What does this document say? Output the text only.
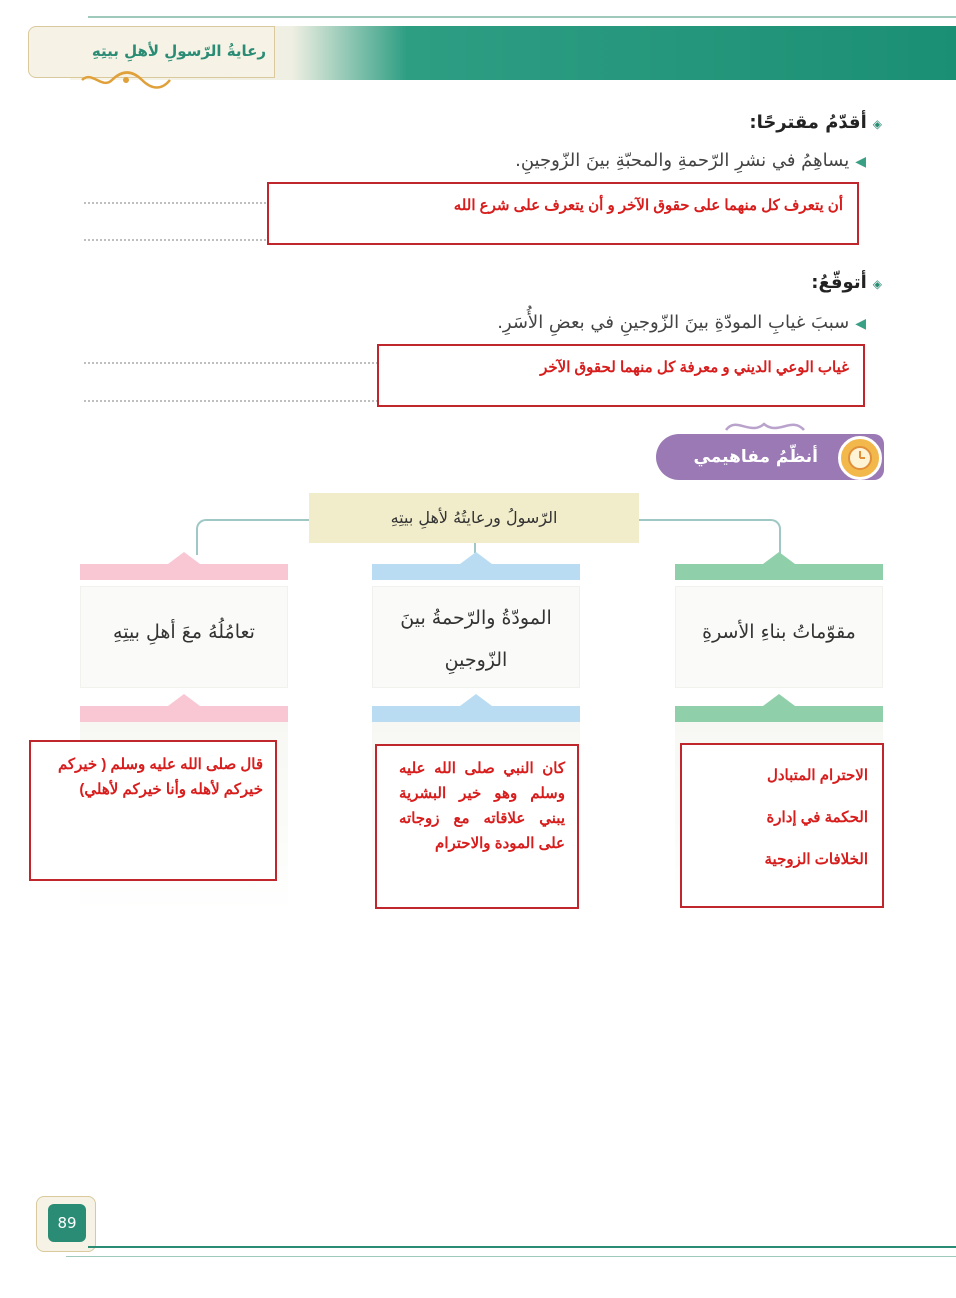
رعايةُ الرّسولِ لأهلِ بيتِهِ
◈أقدّمُ مقترحًا:
◀يساهِمُ في نشرِ الرّحمةِ والمحبّةِ بينَ الزّوجينِ.
أن يتعرف كل منهما على حقوق الآخر و أن يتعرف على شرع الله
◈أتوقّعُ:
◀سببَ غيابِ المودّةِ بينَ الزّوجينِ في بعضِ الأُسَرِ.
غياب الوعي الديني و معرفة كل منهما لحقوق الآخر
أنظّمُ مفاهيمي
الرّسولُ ورعايتُهُ لأهلِ بيتِهِ
مقوّماتُ بناءِ الأسرةِ
المودّةُ والرّحمةُ بينَ
الزّوجينِ
تعامُلُهُ معَ أهلِ بيتِهِ
الاحترام المتبادل
الحكمة في إدارة
الخلافات الزوجية
كان النبي صلى الله عليه وسلم وهو خير البشرية يبني علاقاته مع زوجاته على المودة والاحترام
قال صلى الله عليه وسلم ( خيركم خيركم لأهله وأنا خيركم لأهلي)
89
